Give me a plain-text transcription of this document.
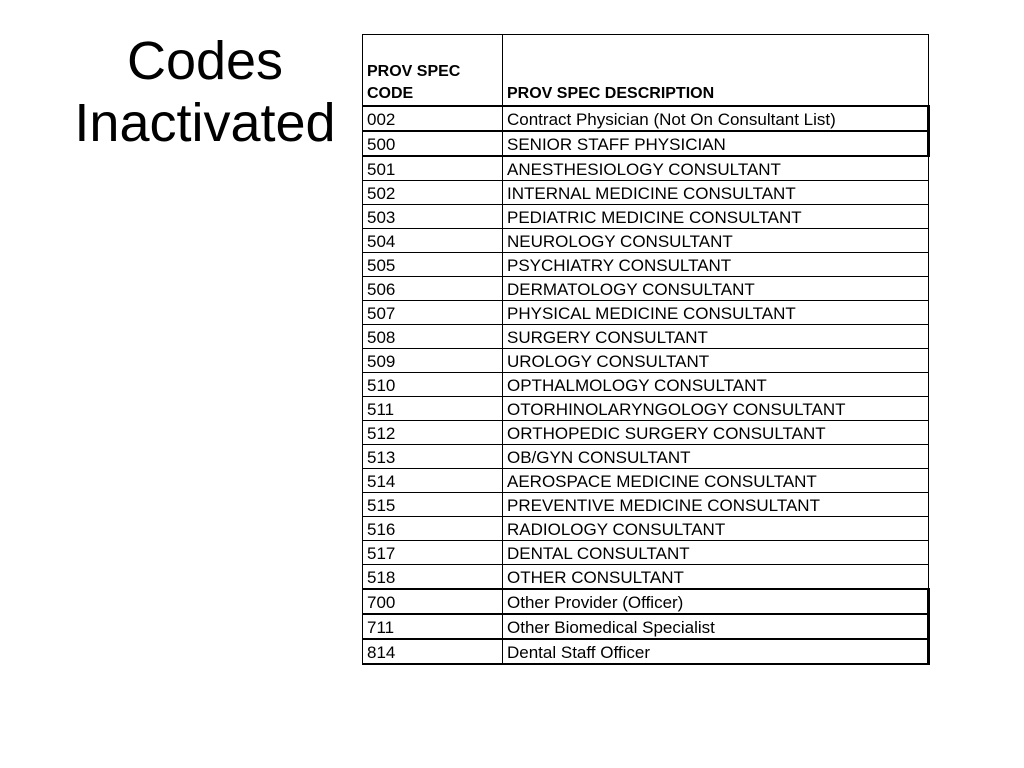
Codes
Inactivated
PROV SPEC
CODE	PROV SPEC DESCRIPTION
002	Contract Physician (Not On Consultant List)
500	SENIOR STAFF PHYSICIAN
501	ANESTHESIOLOGY CONSULTANT
502	INTERNAL MEDICINE CONSULTANT
503	PEDIATRIC MEDICINE CONSULTANT
504	NEUROLOGY CONSULTANT
505	PSYCHIATRY CONSULTANT
506	DERMATOLOGY CONSULTANT
507	PHYSICAL MEDICINE CONSULTANT
508	SURGERY CONSULTANT
509	UROLOGY CONSULTANT
510	OPTHALMOLOGY CONSULTANT
511	OTORHINOLARYNGOLOGY CONSULTANT
512	ORTHOPEDIC SURGERY CONSULTANT
513	OB/GYN CONSULTANT
514	AEROSPACE MEDICINE CONSULTANT
515	PREVENTIVE MEDICINE CONSULTANT
516	RADIOLOGY CONSULTANT
517	DENTAL CONSULTANT
518	OTHER CONSULTANT
700	Other Provider (Officer)
711	Other Biomedical Specialist
814	Dental Staff Officer
